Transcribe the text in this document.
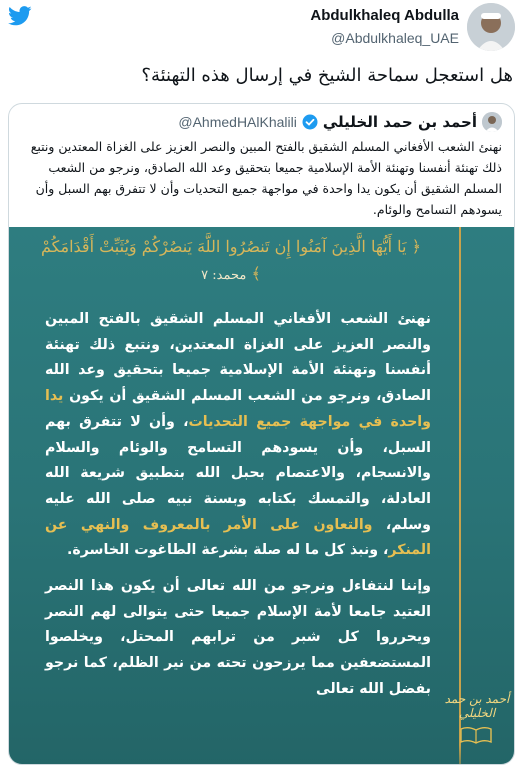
Abdulkhaleq Abdulla
@Abdulkhaleq_UAE
هل استعجل سماحة الشيخ في إرسال هذه التهنئة؟
أحمد بن حمد الخليلي
@AhmedHAlKhalili
نهنئ الشعب الأفغاني المسلم الشقيق بالفتح المبين والنصر العزيز على الغزاة المعتدين ونتبع ذلك تهنئة أنفسنا وتهنئة الأمة الإسلامية جميعا بتحقيق وعد الله الصادق، ونرجو من الشعب المسلم الشقيق أن يكون يدا واحدة في مواجهة جميع التحديات وأن لا تتفرق بهم السبل وأن يسودهم التسامح والوئام.
﴿ يَا أَيُّهَا الَّذِينَ آمَنُوا إِن تَنصُرُوا اللَّهَ يَنصُرْكُمْ وَيُثَبِّتْ أَقْدَامَكُمْ ﴾ محمد: ٧

نهنئ الشعب الأفغاني المسلم الشقيق بالفتح المبين والنصر العزيز على الغزاة المعتدين، ونتبع ذلك تهنئة أنفسنا وتهنئة الأمة الإسلامية جميعا بتحقيق وعد الله الصادق، ونرجو من الشعب المسلم الشقيق أن يكون يدا واحدة في مواجهة جميع التحديات، وأن لا تتفرق بهم السبل، وأن يسودهم التسامح والوئام والسلام والانسجام، والاعتصام بحبل الله بتطبيق شريعة الله العادلة، والتمسك بكتابه وبسنة نبيه صلى الله عليه وسلم، والتعاون على الأمر بالمعروف والنهي عن المنكر، ونبذ كل ما له صلة بشرعة الطاغوت الخاسرة.

وإننا لنتفاءل ونرجو من الله تعالى أن يكون هذا النصر العتيد جامعا لأمة الإسلام جميعا حتى يتوالى لهم النصر ويحرروا كل شبر من ترابهم المحتل، ويخلصوا المستضعفين مما يرزحون تحته من نير الظلم، كما نرجو بفضل الله تعالى

أحمد بن حمد الخليلي
